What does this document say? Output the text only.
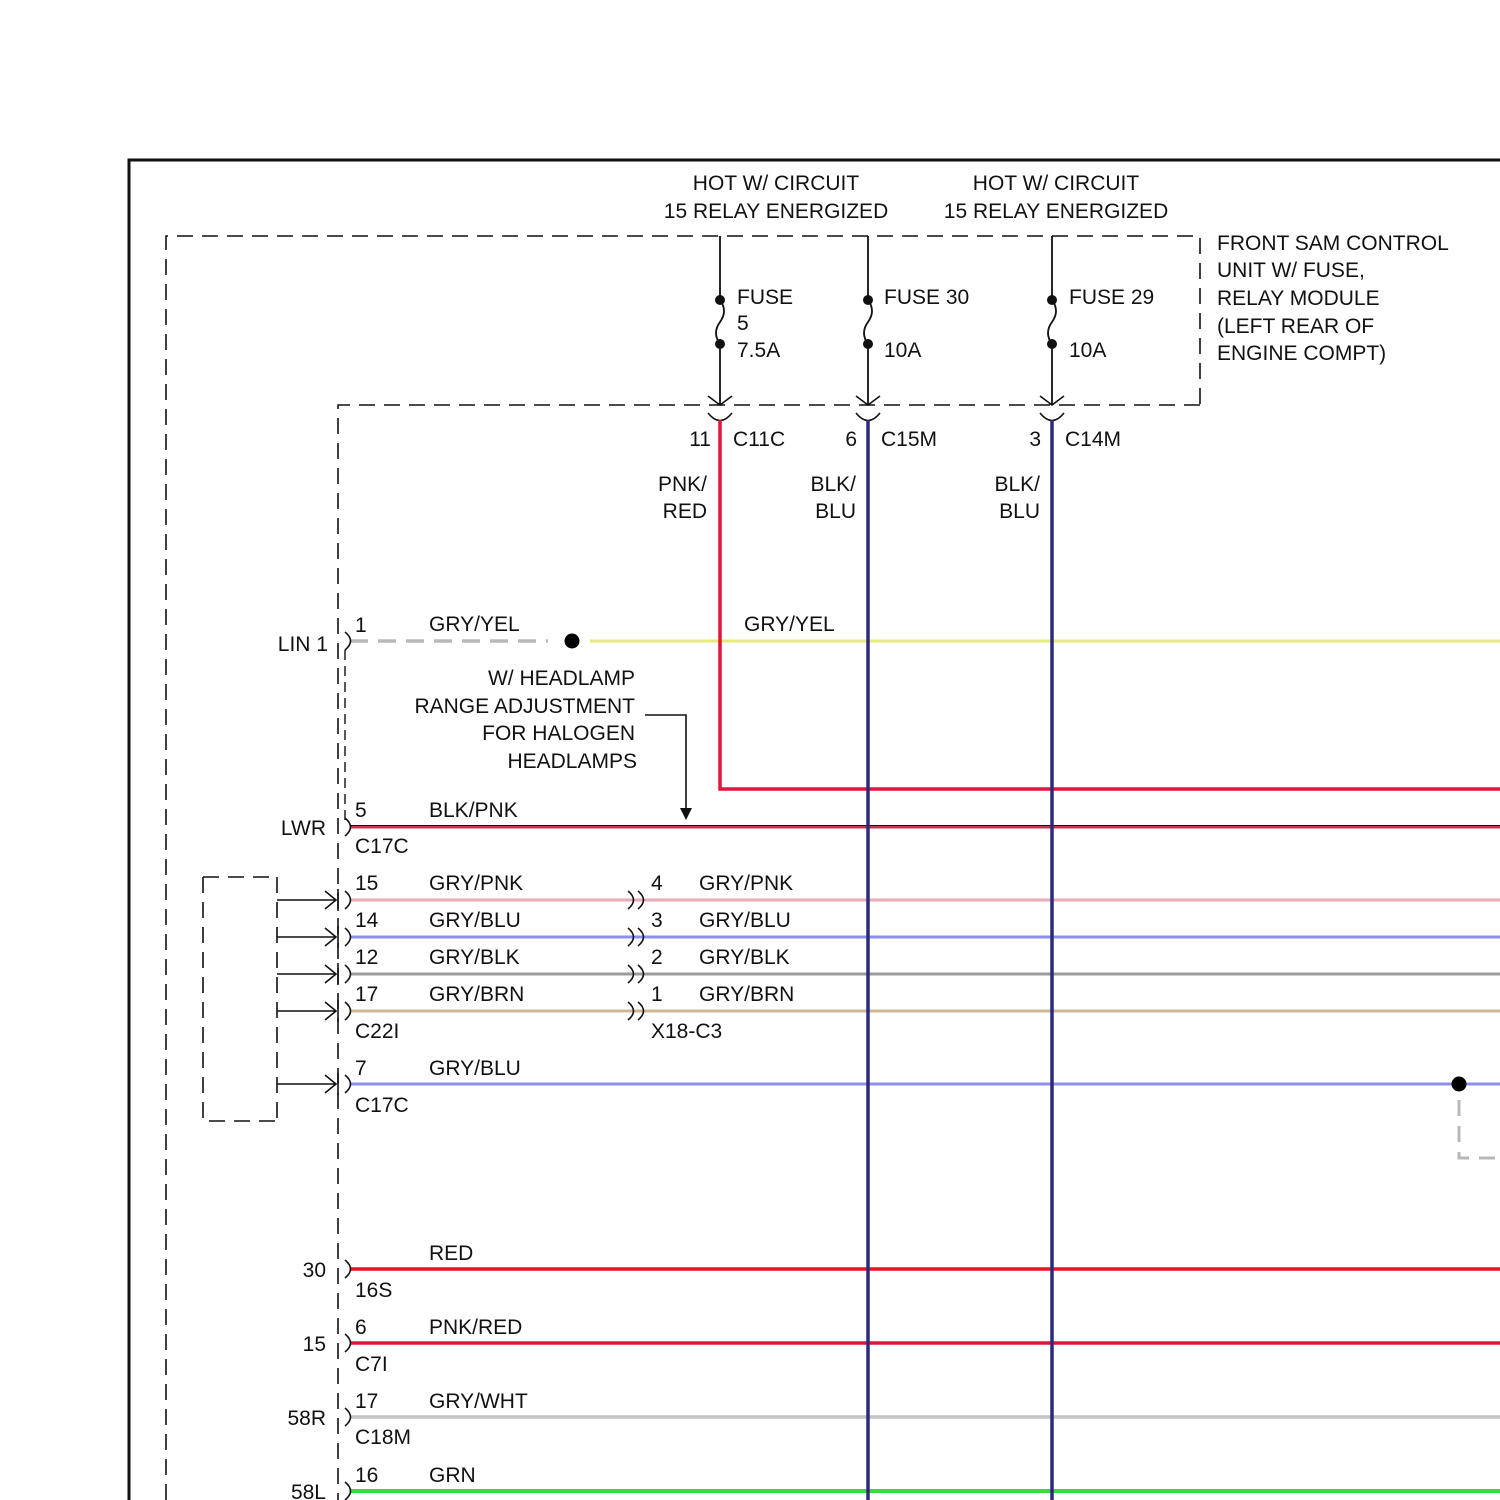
HOT W/ CIRCUIT
15 RELAY ENERGIZED
HOT W/ CIRCUIT
15 RELAY ENERGIZED
FRONT SAM CONTROL
UNIT W/ FUSE,
RELAY MODULE
(LEFT REAR OF
ENGINE COMPT)
FUSE
5
7.5A
11 C11C
PNK/
RED
FUSE 30
10A
6 C15M
BLK/
BLU
FUSE 29
10A
3 C14M
BLK/
BLU
LIN 1
1	GRY/YEL	GRY/YEL
W/ HEADLAMP
RANGE ADJUSTMENT
FOR HALOGEN
HEADLAMPS
LWR
5	BLK/PNK
C17C
15 GRY/PNK	4 GRY/PNK
14 GRY/BLU	3 GRY/BLU
12 GRY/BLK	2 GRY/BLK
17 GRY/BRN	1 GRY/BRN
C22I	X18-C3
7	GRY/BLU
C17C
30
RED
16S
15
6	PNK/RED
C7I
58R
17 GRY/WHT
C18M
58L
16 GRN
